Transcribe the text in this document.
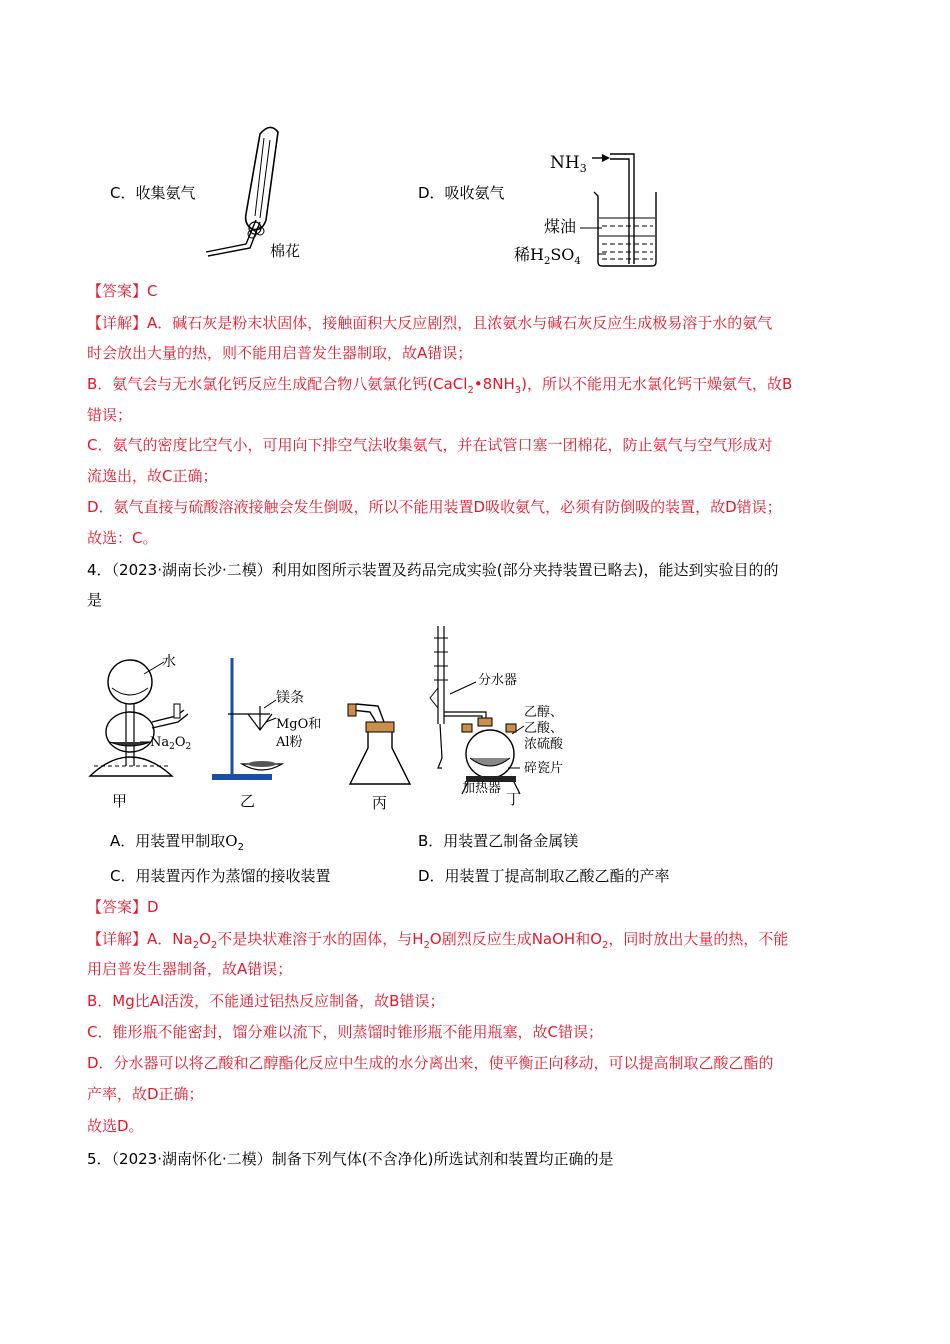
C．收集氨气
棉花
D．吸收氨气
$NH_3$
煤油
稀$H_2SO_4$
【答案】C
【详解】A．碱石灰是粉末状固体，接触面积大反应剧烈，且浓氨水与碱石灰反应生成极易溶于水的氨气
时会放出大量的热，则不能用启普发生器制取，故A错误；
B．氨气会与无水氯化钙反应生成配合物八氨氯化钙$(CaCl_2•8NH_3)$，所以不能用无水氯化钙干燥氨气，故B
错误；
C．氨气的密度比空气小，可用向下排空气法收集氨气，并在试管口塞一团棉花，防止氨气与空气形成对
流逸出，故C正确；
D．氨气直接与硫酸溶液接触会发生倒吸，所以不能用装置D吸收氨气，必须有防倒吸的装置，故D错误；
故选：C。
4．（2023·湖南长沙·二模）利用如图所示装置及药品完成实验(部分夹持装置已略去)，能达到实验目的的
是
水
$Na_2O_2$
甲
镁条
MgO和
Al粉
乙	丙
分水器
乙醇、
乙酸、
浓硫酸
碎瓷片
加热器
丁
A．用装置甲制取$O_2$	B．用装置乙制备金属镁
C．用装置丙作为蒸馏的接收装置	D．用装置丁提高制取乙酸乙酯的产率
【答案】D
【详解】A．$Na_2O_2$不是块状难溶于水的固体，与$H_2O$剧烈反应生成NaOH和$O_2$，同时放出大量的热，不能
用启普发生器制备，故A错误；
B．Mg比Al活泼，不能通过铝热反应制备，故B错误；
C．锥形瓶不能密封，馏分难以流下，则蒸馏时锥形瓶不能用瓶塞，故C错误；
D．分水器可以将乙酸和乙醇酯化反应中生成的水分离出来，使平衡正向移动，可以提高制取乙酸乙酯的
产率，故D正确；
故选D。
5．（2023·湖南怀化·二模）制备下列气体(不含净化)所选试剂和装置均正确的是
